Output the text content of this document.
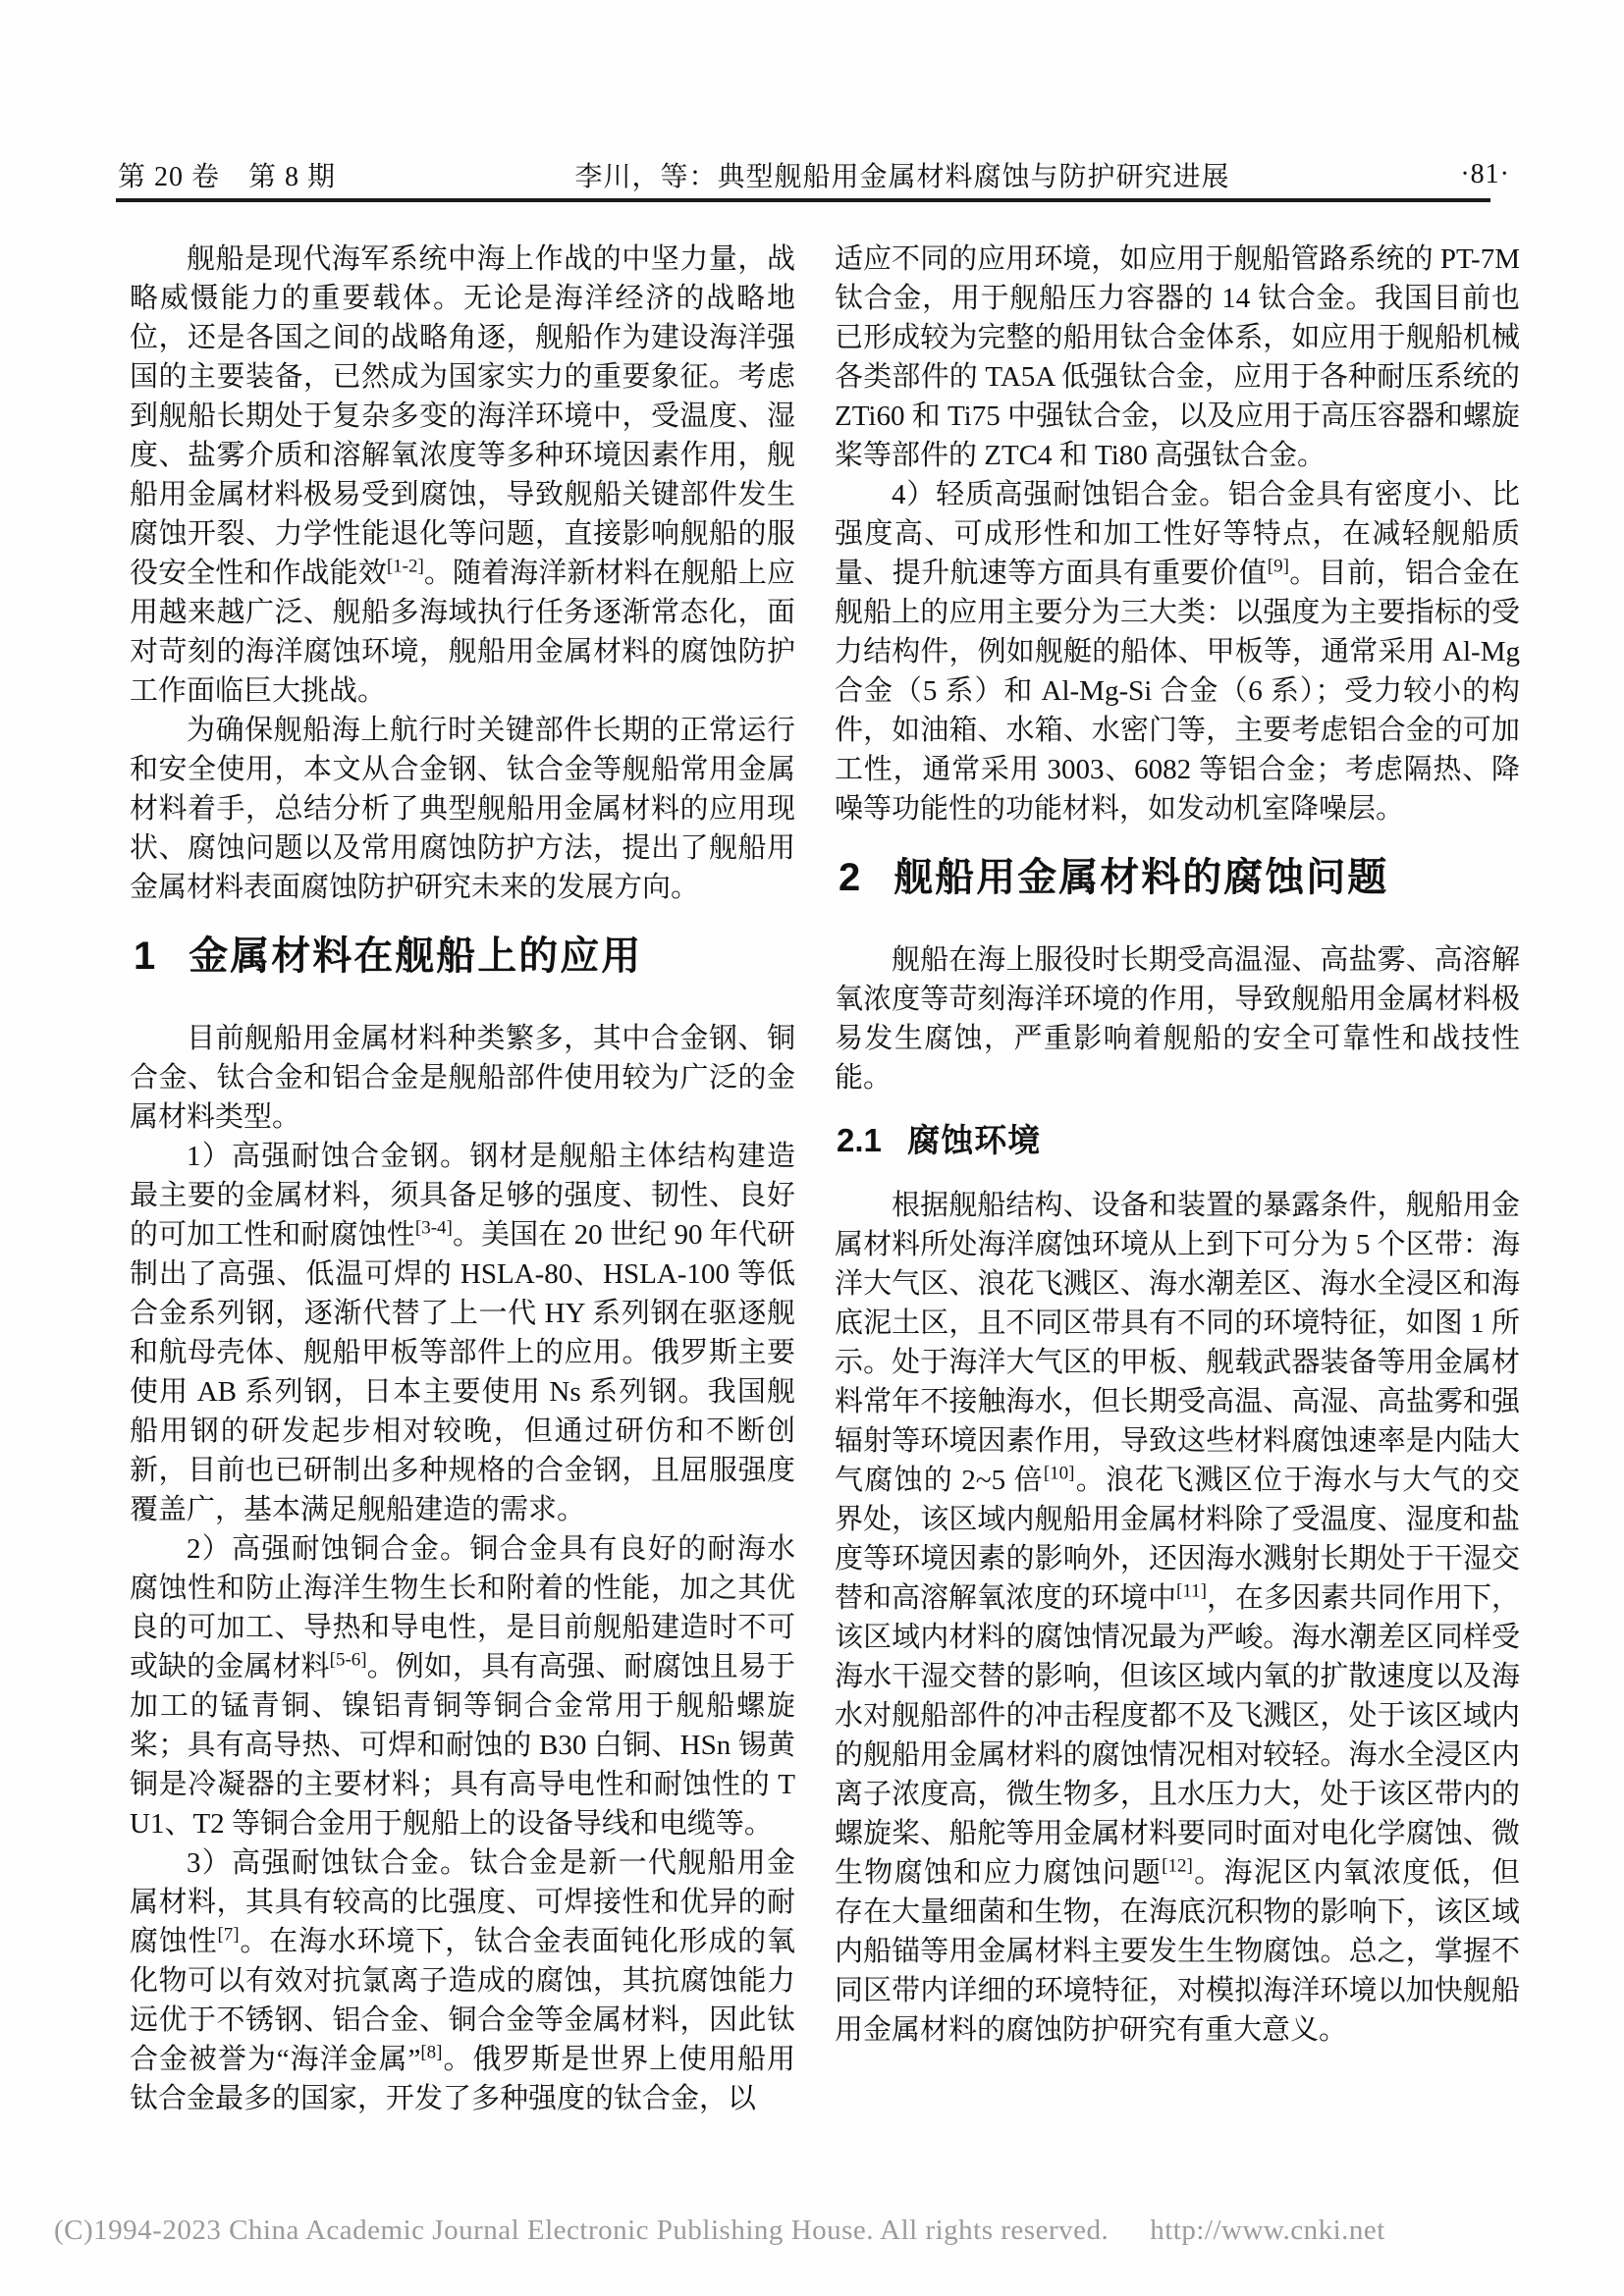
第 20 卷　第 8 期	李川，等：典型舰船用金属材料腐蚀与防护研究进展	·81·

舰船是现代海军系统中海上作战的中坚力量，战略威慑能力的重要载体。无论是海洋经济的战略地位，还是各国之间的战略角逐，舰船作为建设海洋强国的主要装备，已然成为国家实力的重要象征。考虑到舰船长期处于复杂多变的海洋环境中，受温度、湿度、盐雾介质和溶解氧浓度等多种环境因素作用，舰船用金属材料极易受到腐蚀，导致舰船关键部件发生腐蚀开裂、力学性能退化等问题，直接影响舰船的服役安全性和作战能效[1-2]。随着海洋新材料在舰船上应用越来越广泛、舰船多海域执行任务逐渐常态化，面对苛刻的海洋腐蚀环境，舰船用金属材料的腐蚀防护工作面临巨大挑战。

为确保舰船海上航行时关键部件长期的正常运行和安全使用，本文从合金钢、钛合金等舰船常用金属材料着手，总结分析了典型舰船用金属材料的应用现状、腐蚀问题以及常用腐蚀防护方法，提出了舰船用金属材料表面腐蚀防护研究未来的发展方向。

1 金属材料在舰船上的应用

目前舰船用金属材料种类繁多，其中合金钢、铜合金、钛合金和铝合金是舰船部件使用较为广泛的金属材料类型。

1）高强耐蚀合金钢。钢材是舰船主体结构建造最主要的金属材料，须具备足够的强度、韧性、良好的可加工性和耐腐蚀性[3-4]。美国在 20 世纪 90 年代研制出了高强、低温可焊的 HSLA-80、HSLA-100 等低合金系列钢，逐渐代替了上一代 HY 系列钢在驱逐舰和航母壳体、舰船甲板等部件上的应用。俄罗斯主要使用 AB 系列钢，日本主要使用 Ns 系列钢。我国舰船用钢的研发起步相对较晚，但通过研仿和不断创新，目前也已研制出多种规格的合金钢，且屈服强度覆盖广，基本满足舰船建造的需求。

2）高强耐蚀铜合金。铜合金具有良好的耐海水腐蚀性和防止海洋生物生长和附着的性能，加之其优良的可加工、导热和导电性，是目前舰船建造时不可或缺的金属材料[5-6]。例如，具有高强、耐腐蚀且易于加工的锰青铜、镍铝青铜等铜合金常用于舰船螺旋桨；具有高导热、可焊和耐蚀的 B30 白铜、HSn 锡黄铜是冷凝器的主要材料；具有高导电性和耐蚀性的 TU1、T2 等铜合金用于舰船上的设备导线和电缆等。

3）高强耐蚀钛合金。钛合金是新一代舰船用金属材料，其具有较高的比强度、可焊接性和优异的耐腐蚀性[7]。在海水环境下，钛合金表面钝化形成的氧化物可以有效对抗氯离子造成的腐蚀，其抗腐蚀能力远优于不锈钢、铝合金、铜合金等金属材料，因此钛合金被誉为“海洋金属”[8]。俄罗斯是世界上使用船用钛合金最多的国家，开发了多种强度的钛合金，以

适应不同的应用环境，如应用于舰船管路系统的 PT-7M 钛合金，用于舰船压力容器的 14 钛合金。我国目前也已形成较为完整的船用钛合金体系，如应用于舰船机械各类部件的 TA5A 低强钛合金，应用于各种耐压系统的 ZTi60 和 Ti75 中强钛合金，以及应用于高压容器和螺旋桨等部件的 ZTC4 和 Ti80 高强钛合金。

4）轻质高强耐蚀铝合金。铝合金具有密度小、比强度高、可成形性和加工性好等特点，在减轻舰船质量、提升航速等方面具有重要价值[9]。目前，铝合金在舰船上的应用主要分为三大类：以强度为主要指标的受力结构件，例如舰艇的船体、甲板等，通常采用 Al-Mg 合金（5 系）和 Al-Mg-Si 合金（6 系）；受力较小的构件，如油箱、水箱、水密门等，主要考虑铝合金的可加工性，通常采用 3003、6082 等铝合金；考虑隔热、降噪等功能性的功能材料，如发动机室降噪层。

2 舰船用金属材料的腐蚀问题

舰船在海上服役时长期受高温湿、高盐雾、高溶解氧浓度等苛刻海洋环境的作用，导致舰船用金属材料极易发生腐蚀，严重影响着舰船的安全可靠性和战技性能。

2.1 腐蚀环境

根据舰船结构、设备和装置的暴露条件，舰船用金属材料所处海洋腐蚀环境从上到下可分为 5 个区带：海洋大气区、浪花飞溅区、海水潮差区、海水全浸区和海底泥土区，且不同区带具有不同的环境特征，如图 1 所示。处于海洋大气区的甲板、舰载武器装备等用金属材料常年不接触海水，但长期受高温、高湿、高盐雾和强辐射等环境因素作用，导致这些材料腐蚀速率是内陆大气腐蚀的 2~5 倍[10]。浪花飞溅区位于海水与大气的交界处，该区域内舰船用金属材料除了受温度、湿度和盐度等环境因素的影响外，还因海水溅射长期处于干湿交替和高溶解氧浓度的环境中[11]，在多因素共同作用下，该区域内材料的腐蚀情况最为严峻。海水潮差区同样受海水干湿交替的影响，但该区域内氧的扩散速度以及海水对舰船部件的冲击程度都不及飞溅区，处于该区域内的舰船用金属材料的腐蚀情况相对较轻。海水全浸区内离子浓度高，微生物多，且水压力大，处于该区带内的螺旋桨、船舵等用金属材料要同时面对电化学腐蚀、微生物腐蚀和应力腐蚀问题[12]。海泥区内氧浓度低，但存在大量细菌和生物，在海底沉积物的影响下，该区域内船锚等用金属材料主要发生生物腐蚀。总之，掌握不同区带内详细的环境特征，对模拟海洋环境以加快舰船用金属材料的腐蚀防护研究有重大意义。

(C)1994-2023 China Academic Journal Electronic Publishing House. All rights reserved. http://www.cnki.net
